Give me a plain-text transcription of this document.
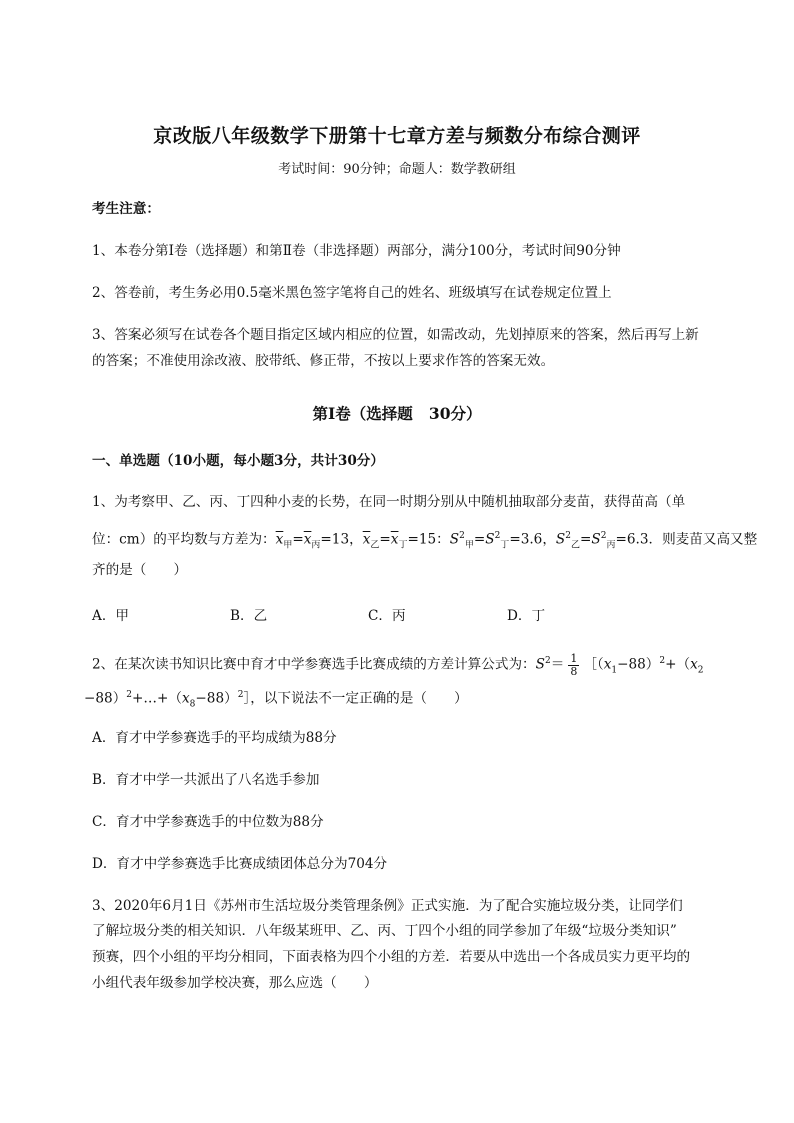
京改版八年级数学下册第十七章方差与频数分布综合测评
考试时间：90分钟；命题人：数学教研组
考生注意：
1、本卷分第Ⅰ卷（选择题）和第Ⅱ卷（非选择题）两部分，满分100分，考试时间90分钟
2、答卷前，考生务必用0.5毫米黑色签字笔将自己的姓名、班级填写在试卷规定位置上
3、答案必须写在试卷各个题目指定区域内相应的位置，如需改动，先划掉原来的答案，然后再写上新
的答案；不准使用涂改液、胶带纸、修正带，不按以上要求作答的答案无效。
第Ⅰ卷（选择题   30分）
一、单选题（10小题，每小题3分，共计30分）
1、为考察甲、乙、丙、丁四种小麦的长势，在同一时期分别从中随机抽取部分麦苗，获得苗高（单
位：cm）的平均数与方差为：$\overline{x}_甲=\overline{x}_丙=13$，$\overline{x}_乙=\overline{x}_丁=15$：$S^2_甲=S^2_丁=3.6$，$S^2_乙=S^2_丙=6.3$．则麦苗又高又整
齐的是（　　）
A．甲	B．乙	C．丙	D．丁
2、在某次读书知识比赛中育才中学参赛选手比赛成绩的方差计算公式为：$S^2= \frac{1}{8}$ $[(x_1-88)^2+(x_2$
$-88)^2+\dots+(x_8-88)^2]$，以下说法不一定正确的是（　　）
A．育才中学参赛选手的平均成绩为88分
B．育才中学一共派出了八名选手参加
C．育才中学参赛选手的中位数为88分
D．育才中学参赛选手比赛成绩团体总分为704分
3、2020年6月1日《苏州市生活垃圾分类管理条例》正式实施．为了配合实施垃圾分类，让同学们
了解垃圾分类的相关知识．八年级某班甲、乙、丙、丁四个小组的同学参加了年级“垃圾分类知识”
预赛，四个小组的平均分相同，下面表格为四个小组的方差．若要从中选出一个各成员实力更平均的
小组代表年级参加学校决赛，那么应选（　　）
